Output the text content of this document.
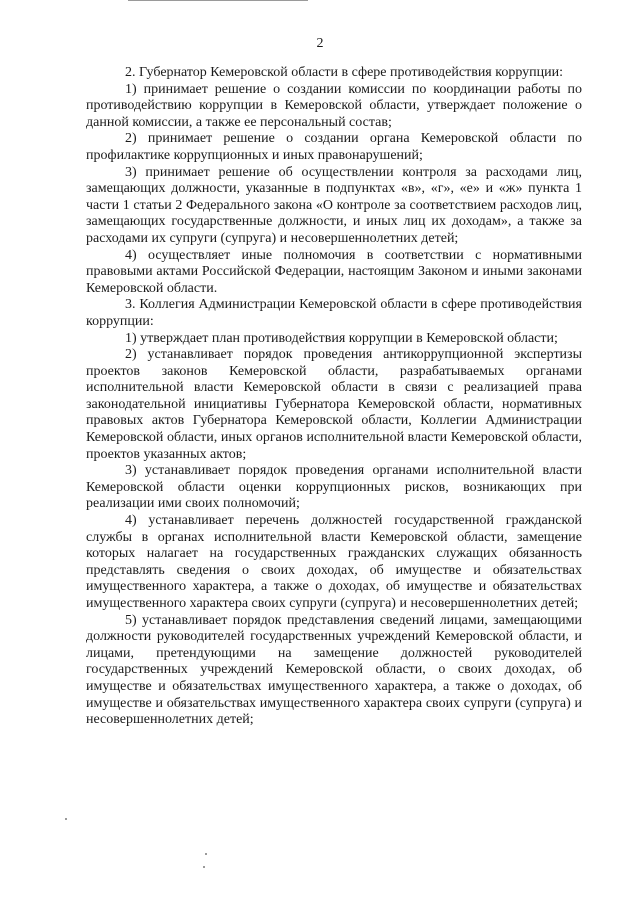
2

2. Губернатор Кемеровской области в сфере противодействия коррупции:

1) принимает решение о создании комиссии по координации работы по противодействию коррупции в Кемеровской области, утверждает положение о данной комиссии, а также ее персональный состав;

2) принимает решение о создании органа Кемеровской области по профилактике коррупционных и иных правонарушений;

3) принимает решение об осуществлении контроля за расходами лиц, замещающих должности, указанные в подпунктах «в», «г», «е» и «ж» пункта 1 части 1 статьи 2 Федерального закона «О контроле за соответствием расходов лиц, замещающих государственные должности, и иных лиц их доходам», а также за расходами их супруги (супруга) и несовершеннолетних детей;

4) осуществляет иные полномочия в соответствии с нормативными правовыми актами Российской Федерации, настоящим Законом и иными законами Кемеровской области.

3. Коллегия Администрации Кемеровской области в сфере противодействия коррупции:

1) утверждает план противодействия коррупции в Кемеровской области;

2) устанавливает порядок проведения антикоррупционной экспертизы проектов законов Кемеровской области, разрабатываемых органами исполнительной власти Кемеровской области в связи с реализацией права законодательной инициативы Губернатора Кемеровской области, нормативных правовых актов Губернатора Кемеровской области, Коллегии Администрации Кемеровской области, иных органов исполнительной власти Кемеровской области, проектов указанных актов;

3) устанавливает порядок проведения органами исполнительной власти Кемеровской области оценки коррупционных рисков, возникающих при реализации ими своих полномочий;

4) устанавливает перечень должностей государственной гражданской службы в органах исполнительной власти Кемеровской области, замещение которых налагает на государственных гражданских служащих обязанность представлять сведения о своих доходах, об имуществе и обязательствах имущественного характера, а также о доходах, об имуществе и обязательствах имущественного характера своих супруги (супруга) и несовершеннолетних детей;

5) устанавливает порядок представления сведений лицами, замещающими должности руководителей государственных учреждений Кемеровской области, и лицами, претендующими на замещение должностей руководителей государственных учреждений Кемеровской области, о своих доходах, об имуществе и обязательствах имущественного характера, а также о доходах, об имуществе и обязательствах имущественного характера своих супруги (супруга) и несовершеннолетних детей;
